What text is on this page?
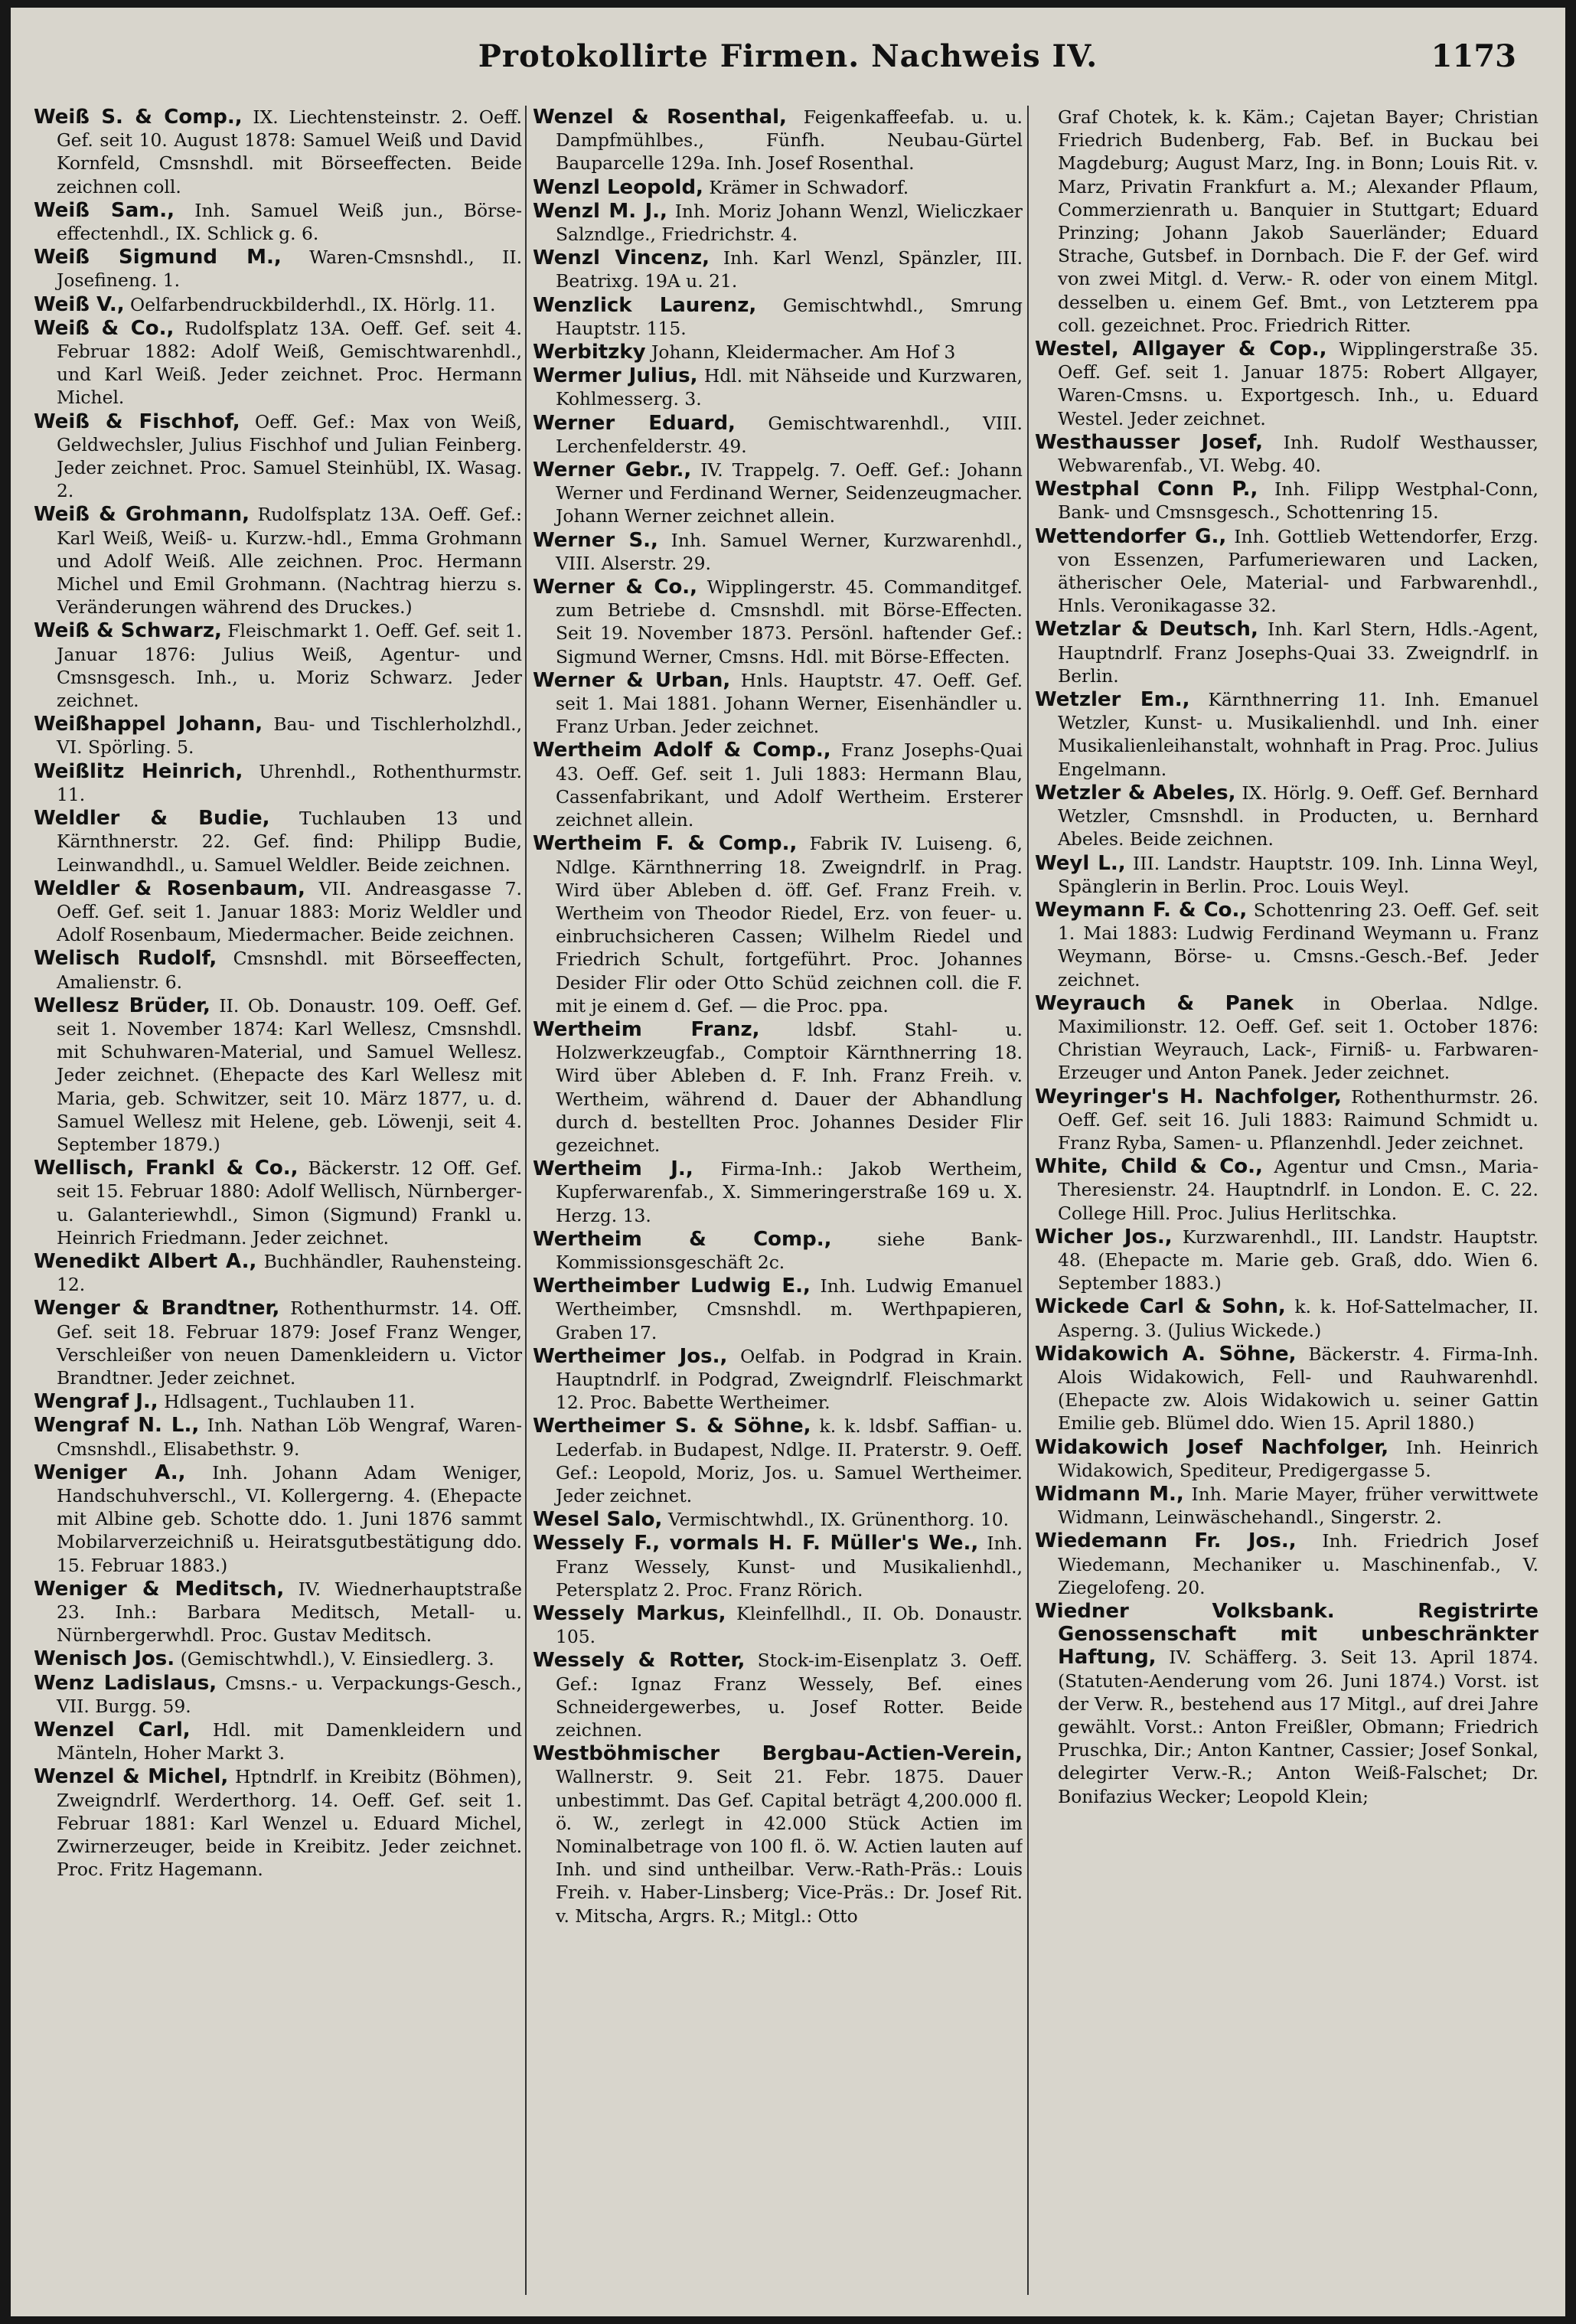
Protokollirte Firmen. Nachweis IV.	1173

Weiß S. & Comp., IX. Liechtensteinstr. 2. Oeff. Gef. seit 10. August 1878: Samuel Weiß und David Kornfeld, Cmsnshdl. mit Börseeffecten. Beide zeichnen coll.

Weiß Sam., Inh. Samuel Weiß jun., Börse-effectenhdl., IX. Schlick g. 6.

Weiß Sigmund M., Waren-Cmsnshdl., II. Josefineng. 1.

Weiß V., Oelfarbendruckbilderhdl., IX. Hörlg. 11.

Weiß & Co., Rudolfsplatz 13A. Oeff. Gef. seit 4. Februar 1882: Adolf Weiß, Gemischtwarenhdl., und Karl Weiß. Jeder zeichnet. Proc. Hermann Michel.

Weiß & Fischhof, Oeff. Gef.: Max von Weiß, Geldwechsler, Julius Fischhof und Julian Feinberg. Jeder zeichnet. Proc. Samuel Steinhübl, IX. Wasag. 2.

Weiß & Grohmann, Rudolfsplatz 13A. Oeff. Gef.: Karl Weiß, Weiß- u. Kurzw.-hdl., Emma Grohmann und Adolf Weiß. Alle zeichnen. Proc. Hermann Michel und Emil Grohmann. (Nachtrag hierzu s. Veränderungen während des Druckes.)

Weiß & Schwarz, Fleischmarkt 1. Oeff. Gef. seit 1. Januar 1876: Julius Weiß, Agentur- und Cmsnsgesch. Inh., u. Moriz Schwarz. Jeder zeichnet.

Weißhappel Johann, Bau- und Tischlerholzhdl., VI. Spörling. 5.

Weißlitz Heinrich, Uhrenhdl., Rothenthurmstr. 11.

Weldler & Budie, Tuchlauben 13 und Kärnthnerstr. 22. Gef. find: Philipp Budie, Leinwandhdl., u. Samuel Weldler. Beide zeichnen.

Weldler & Rosenbaum, VII. Andreasgasse 7. Oeff. Gef. seit 1. Januar 1883: Moriz Weldler und Adolf Rosenbaum, Miedermacher. Beide zeichnen.

Welisch Rudolf, Cmsnshdl. mit Börseeffecten, Amalienstr. 6.

Wellesz Brüder, II. Ob. Donaustr. 109. Oeff. Gef. seit 1. November 1874: Karl Wellesz, Cmsnshdl. mit Schuhwaren-Material, und Samuel Wellesz. Jeder zeichnet. (Ehepacte des Karl Wellesz mit Maria, geb. Schwitzer, seit 10. März 1877, u. d. Samuel Wellesz mit Helene, geb. Löwenji, seit 4. September 1879.)

Wellisch, Frankl & Co., Bäckerstr. 12 Off. Gef. seit 15. Februar 1880: Adolf Wellisch, Nürnberger- u. Galanteriewhdl., Simon (Sigmund) Frankl u. Heinrich Friedmann. Jeder zeichnet.

Wenedikt Albert A., Buchhändler, Rauhensteing. 12.

Wenger & Brandtner, Rothenthurmstr. 14. Off. Gef. seit 18. Februar 1879: Josef Franz Wenger, Verschleißer von neuen Damenkleidern u. Victor Brandtner. Jeder zeichnet.

Wengraf J., Hdlsagent., Tuchlauben 11.

Wengraf N. L., Inh. Nathan Löb Wengraf, Waren-Cmsnshdl., Elisabethstr. 9.

Weniger A., Inh. Johann Adam Weniger, Handschuhverschl., VI. Kollergerng. 4. (Ehepacte mit Albine geb. Schotte ddo. 1. Juni 1876 sammt Mobilarverzeichniß u. Heiratsgutbestätigung ddo. 15. Februar 1883.)

Weniger & Meditsch, IV. Wiednerhauptstraße 23. Inh.: Barbara Meditsch, Metall- u. Nürnbergerwhdl. Proc. Gustav Meditsch.

Wenisch Jos. (Gemischtwhdl.), V. Einsiedlerg. 3.

Wenz Ladislaus, Cmsns.- u. Verpackungs-Gesch., VII. Burgg. 59.

Wenzel Carl, Hdl. mit Damenkleidern und Mänteln, Hoher Markt 3.

Wenzel & Michel, Hptndrlf. in Kreibitz (Böhmen), Zweigndrlf. Werderthorg. 14. Oeff. Gef. seit 1. Februar 1881: Karl Wenzel u. Eduard Michel, Zwirnerzeuger, beide in Kreibitz. Jeder zeichnet. Proc. Fritz Hagemann.

Wenzel & Rosenthal, Feigenkaffeefab. u. u. Dampfmühlbes., Fünfh. Neubau-Gürtel Bauparcelle 129a. Inh. Josef Rosenthal.

Wenzl Leopold, Krämer in Schwadorf.

Wenzl M. J., Inh. Moriz Johann Wenzl, Wieliczkaer Salzndlge., Friedrichstr. 4.

Wenzl Vincenz, Inh. Karl Wenzl, Spänzler, III. Beatrixg. 19A u. 21.

Wenzlick Laurenz, Gemischtwhdl., Smrung Hauptstr. 115.

Werbitzky Johann, Kleidermacher. Am Hof 3

Wermer Julius, Hdl. mit Nähseide und Kurzwaren, Kohlmesserg. 3.

Werner Eduard, Gemischtwarenhdl., VIII. Lerchenfelderstr. 49.

Werner Gebr., IV. Trappelg. 7. Oeff. Gef.: Johann Werner und Ferdinand Werner, Seidenzeugmacher. Johann Werner zeichnet allein.

Werner S., Inh. Samuel Werner, Kurzwarenhdl., VIII. Alserstr. 29.

Werner & Co., Wipplingerstr. 45. Commanditgef. zum Betriebe d. Cmsnshdl. mit Börse-Effecten. Seit 19. November 1873. Persönl. haftender Gef.: Sigmund Werner, Cmsns. Hdl. mit Börse-Effecten.

Werner & Urban, Hnls. Hauptstr. 47. Oeff. Gef. seit 1. Mai 1881. Johann Werner, Eisenhändler u. Franz Urban. Jeder zeichnet.

Wertheim Adolf & Comp., Franz Josephs-Quai 43. Oeff. Gef. seit 1. Juli 1883: Hermann Blau, Cassenfabrikant, und Adolf Wertheim. Ersterer zeichnet allein.

Wertheim F. & Comp., Fabrik IV. Luiseng. 6, Ndlge. Kärnthnerring 18. Zweigndrlf. in Prag. Wird über Ableben d. öff. Gef. Franz Freih. v. Wertheim von Theodor Riedel, Erz. von feuer- u. einbruchsicheren Cassen; Wilhelm Riedel und Friedrich Schult, fortgeführt. Proc. Johannes Desider Flir oder Otto Schüd zeichnen coll. die F. mit je einem d. Gef. — die Proc. ppa.

Wertheim Franz,	ldsbf. Stahl- u. Holzwerkzeugfab., Comptoir Kärnthnerring 18. Wird über Ableben d. F. Inh. Franz Freih. v. Wertheim, während d. Dauer der Abhandlung durch d. bestellten Proc. Johannes Desider Flir gezeichnet.

Wertheim J., Firma-Inh.: Jakob Wertheim, Kupferwarenfab., X. Simmeringerstraße 169 u. X. Herzg. 13.

Wertheim & Comp.,	siehe Bank-Kommissionsgeschäft 2c.

Wertheimber Ludwig E., Inh. Ludwig Emanuel Wertheimber, Cmsnshdl. m. Werthpapieren, Graben 17.

Wertheimer Jos., Oelfab. in Podgrad in Krain. Hauptndrlf. in Podgrad, Zweigndrlf. Fleischmarkt 12. Proc. Babette Wertheimer.

Wertheimer S. & Söhne, k. k. ldsbf. Saffian- u. Lederfab. in Budapest, Ndlge. II. Praterstr. 9. Oeff. Gef.: Leopold, Moriz, Jos. u. Samuel Wertheimer. Jeder zeichnet.

Wesel Salo, Vermischtwhdl., IX. Grünenthorg. 10.

Wessely F., vormals H. F. Müller's We., Inh. Franz Wessely, Kunst- und Musikalienhdl., Petersplatz 2. Proc. Franz Rörich.

Wessely Markus, Kleinfellhdl., II. Ob. Donaustr. 105.

Wessely & Rotter, Stock-im-Eisenplatz 3. Oeff. Gef.: Ignaz Franz Wessely, Bef. eines Schneidergewerbes, u. Josef Rotter. Beide zeichnen.

Westböhmischer Bergbau-Actien-Verein, Wallnerstr. 9. Seit 21. Febr. 1875. Dauer unbestimmt. Das Gef. Capital beträgt 4,200.000 fl. ö. W., zerlegt in 42.000 Stück Actien im Nominalbetrage von 100 fl. ö. W. Actien lauten auf Inh. und sind untheilbar. Verw.-Rath-Präs.: Louis Freih. v. Haber-Linsberg; Vice-Präs.: Dr. Josef Rit. v. Mitscha, Argrs. R.; Mitgl.: Otto

Graf Chotek, k. k. Käm.; Cajetan Bayer; Christian Friedrich Budenberg, Fab. Bef. in Buckau bei Magdeburg; August Marz, Ing. in Bonn; Louis Rit. v. Marz, Privatin Frankfurt a. M.; Alexander Pflaum, Commerzienrath u. Banquier in Stuttgart; Eduard Prinzing; Johann Jakob Sauerländer; Eduard Strache, Gutsbef. in Dornbach. Die F. der Gef. wird von zwei Mitgl. d. Verw.- R. oder von einem Mitgl. desselben u. einem Gef. Bmt., von Letzterem ppa coll. gezeichnet. Proc. Friedrich Ritter.

Westel, Allgayer & Cop., Wipplingerstraße 35. Oeff. Gef. seit 1. Januar 1875: Robert Allgayer, Waren-Cmsns. u. Exportgesch. Inh., u. Eduard Westel. Jeder zeichnet.

Westhausser Josef, Inh. Rudolf Westhausser, Webwarenfab., VI. Webg. 40.

Westphal Conn P., Inh. Filipp Westphal-Conn, Bank- und Cmsnsgesch., Schottenring 15.

Wettendorfer G., Inh. Gottlieb Wettendorfer, Erzg. von Essenzen, Parfumeriewaren und Lacken, ätherischer Oele, Material- und Farbwarenhdl., Hnls. Veronikagasse 32.

Wetzlar & Deutsch, Inh. Karl Stern, Hdls.-Agent, Hauptndrlf. Franz Josephs-Quai 33. Zweigndrlf. in Berlin.

Wetzler Em., Kärnthnerring 11. Inh. Emanuel Wetzler, Kunst- u. Musikalienhdl. und Inh. einer Musikalienleihanstalt, wohnhaft in Prag. Proc. Julius Engelmann.

Wetzler & Abeles, IX. Hörlg. 9. Oeff. Gef. Bernhard Wetzler, Cmsnshdl. in Producten, u. Bernhard Abeles. Beide zeichnen.

Weyl L., III. Landstr. Hauptstr. 109. Inh. Linna Weyl, Spänglerin in Berlin. Proc. Louis Weyl.

Weymann F. & Co., Schottenring 23. Oeff. Gef. seit 1. Mai 1883: Ludwig Ferdinand Weymann u. Franz Weymann, Börse- u. Cmsns.-Gesch.-Bef. Jeder zeichnet.

Weyrauch & Panek in Oberlaa. Ndlge. Maximilionstr. 12. Oeff. Gef. seit 1. October 1876: Christian Weyrauch, Lack-, Firniß- u. Farbwaren-Erzeuger und Anton Panek. Jeder zeichnet.

Weyringer's H. Nachfolger, Rothenthurmstr. 26. Oeff. Gef. seit 16. Juli 1883: Raimund Schmidt u. Franz Ryba, Samen- u. Pflanzenhdl. Jeder zeichnet.

White, Child & Co., Agentur und Cmsn., Maria-Theresienstr. 24. Hauptndrlf. in London. E. C. 22. College Hill. Proc. Julius Herlitschka.

Wicher Jos., Kurzwarenhdl., III. Landstr. Hauptstr. 48. (Ehepacte m. Marie geb. Graß, ddo. Wien 6. September 1883.)

Wickede Carl & Sohn, k. k. Hof-Sattelmacher, II. Asperng. 3. (Julius Wickede.)

Widakowich A. Söhne, Bäckerstr. 4. Firma-Inh. Alois Widakowich, Fell- und Rauhwarenhdl. (Ehepacte zw. Alois Widakowich u. seiner Gattin Emilie geb. Blümel ddo. Wien 15. April 1880.)

Widakowich Josef Nachfolger, Inh. Heinrich Widakowich, Spediteur, Predigergasse 5.

Widmann M., Inh. Marie Mayer, früher verwittwete Widmann, Leinwäschehandl., Singerstr. 2.

Wiedemann Fr. Jos., Inh. Friedrich Josef Wiedemann, Mechaniker u. Maschinenfab., V. Ziegelofeng. 20.

Wiedner Volksbank. Registrirte Genossenschaft mit unbeschränkter Haftung, IV. Schäfferg. 3. Seit 13. April 1874. (Statuten-Aenderung vom 26. Juni 1874.) Vorst. ist der Verw. R., bestehend aus 17 Mitgl., auf drei Jahre gewählt. Vorst.: Anton Freißler, Obmann; Friedrich Pruschka, Dir.; Anton Kantner, Cassier; Josef Sonkal, delegirter Verw.-R.; Anton Weiß-Falschet; Dr. Bonifazius Wecker; Leopold Klein;
